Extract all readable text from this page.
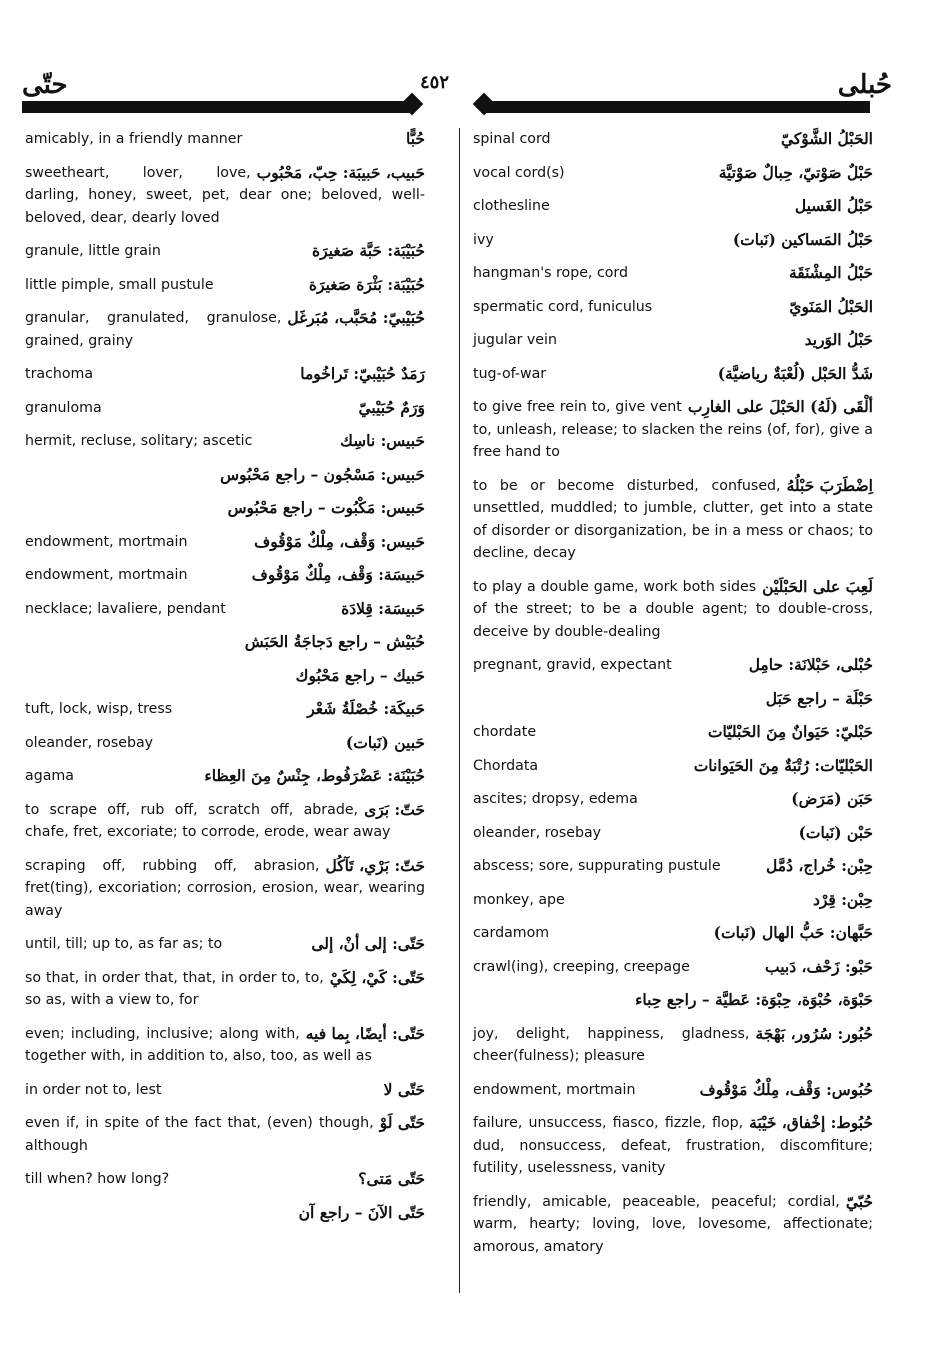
حتّى	٤٥٢	حُبلى
حُبًّا
amicably, in a friendly manner
حَبيب، حَبيبَة: حِبّ، مَحْبُوب
sweetheart, lover, love, darling, honey, sweet, pet, dear one; beloved, well-beloved, dear, dearly loved
حُبَيْبَة: حَبَّة صَغيرَة
granule, little grain
حُبَيْبَة: بَثْرَة صَغيرَة
little pimple, small pustule
حُبَيْبيّ: مُحَبَّب، مُبَرغَل
granular, granulated, granulose, grained, grainy
رَمَدٌ حُبَيْبيّ: تَراخُوما
trachoma
وَرَمٌ حُبَيْبيّ
granuloma
حَبيس: ناسِك
hermit, recluse, solitary; ascetic
حَبيس: مَسْجُون – راجع مَحْبُوس
حَبيس: مَكْبُوت – راجع مَحْبُوس
حَبيس: وَقْف، مِلْكٌ مَوْقُوف
endowment, mortmain
حَبيسَة: وَقْف، مِلْكٌ مَوْقُوف
endowment, mortmain
حَبيسَة: قِلادَة
necklace; lavaliere, pendant
حُبَيْش – راجع دَجاجَةُ الحَبَش
حَبيك – راجع مَحْبُوك
حَبيكَة: خُصْلَةُ شَعْر
tuft, lock, wisp, tress
حَبين (نَبات)
oleander, rosebay
حُبَيْنَة: عَضْرَفُوط، جِنْسٌ مِنَ العِظاء
agama
حَتّ: بَرَى
to scrape off, rub off, scratch off, abrade, chafe, fret, excoriate; to corrode, erode, wear away
حَتّ: بَرْي، تَآكُل
scraping off, rubbing off, abrasion, fret(ting), excoriation; corrosion, erosion, wear, wearing away
حَتّى: إلى أنْ، إلى
until, till; up to, as far as; to
حَتّى: كَيْ، لِكَيْ
so that, in order that, that, in order to, to, so as, with a view to, for
حَتّى: أيضًا، بِما فيه
even; including, inclusive; along with, together with, in addition to, also, too, as well as
حَتّى لا
in order not to, lest
حَتّى لَوْ
even if, in spite of the fact that, (even) though, although
حَتّى مَتى؟
till when? how long?
حَتّى الآنَ – راجع آن
الحَبْلُ الشَّوْكيّ
spinal cord
حَبْلٌ صَوْتيّ، حِبالٌ صَوْتيَّة
vocal cord(s)
حَبْلُ الغَسيل
clothesline
حَبْلُ المَساكين (نَبات)
ivy
حَبْلُ المِشْنَقَة
hangman's rope, cord
الحَبْلُ المَنَويّ
spermatic cord, funiculus
حَبْلُ الوَريد
jugular vein
شَدُّ الحَبْل (لُعْبَةٌ رياضيَّة)
tug-of-war
ألْقَى (لَهُ) الحَبْلَ على الغارِب
to give free rein to, give vent to, unleash, release; to slacken the reins (of, for), give a free hand to
اِضْطَرَبَ حَبْلُهُ
to be or become disturbed, confused, unsettled, muddled; to jumble, clutter, get into a state of disorder or disorganization, be in a mess or chaos; to decline, decay
لَعِبَ على الحَبْلَيْن
to play a double game, work both sides of the street; to be a double agent; to double-cross, deceive by double-dealing
حُبْلى، حَبْلانَة: حامِل
pregnant, gravid, expectant
حَبْلَة – راجع حَبَل
حَبْليّ: حَيَوانٌ مِنَ الحَبْليّات
chordate
الحَبْليّات: رُتْبَةٌ مِنَ الحَيَوانات
Chordata
حَبَن (مَرَض)
ascites; dropsy, edema
حَبْن (نَبات)
oleander, rosebay
حِبْن: خُراج، دُمَّل
abscess; sore, suppurating pustule
حِبْن: قِرْد
monkey, ape
حَبَّهان: حَبُّ الهال (نَبات)
cardamom
حَبْو: زَحْف، دَبيب
crawl(ing), creeping, creepage
حَبْوَة، حُبْوَة، حِبْوَة: عَطيَّة – راجع حِباء
حُبُور: سُرُور، بَهْجَة
joy, delight, happiness, gladness, cheer(fulness); pleasure
حُبُوس: وَقْف، مِلْكٌ مَوْقُوف
endowment, mortmain
حُبُوط: إخْفاق، خَيْبَة
failure, unsuccess, fiasco, fizzle, flop, dud, nonsuccess, defeat, frustration, discomfiture; futility, uselessness, vanity
حُبّيّ
friendly, amicable, peaceable, peaceful; cordial, warm, hearty; loving, love, lovesome, affectionate; amorous, amatory
